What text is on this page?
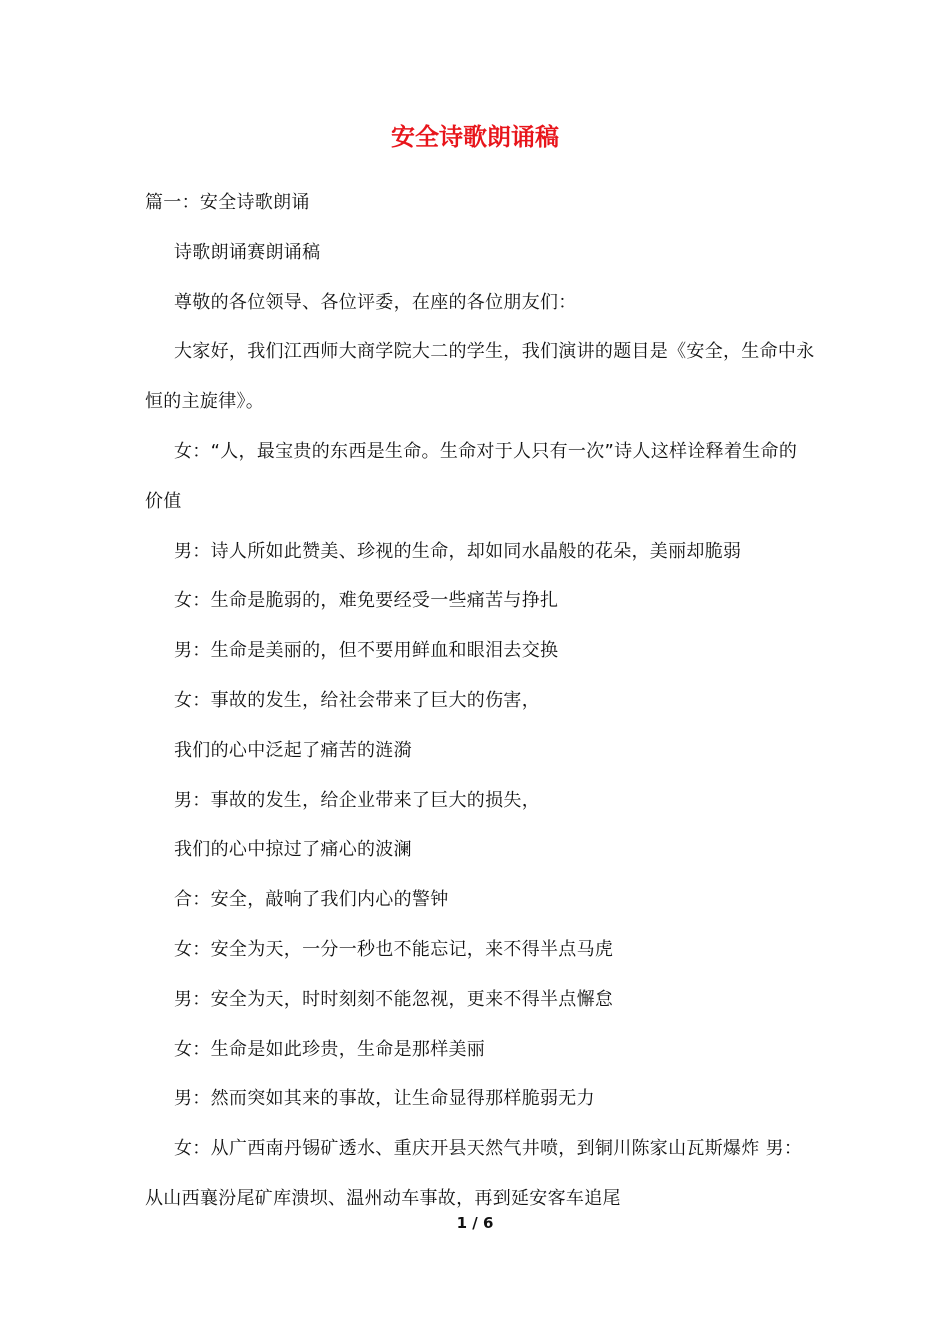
安全诗歌朗诵稿

篇一：安全诗歌朗诵

诗歌朗诵赛朗诵稿

尊敬的各位领导、各位评委，在座的各位朋友们：

大家好，我们江西师大商学院大二的学生，我们演讲的题目是《安全，生命中永恒的主旋律》。

女：“人，最宝贵的东西是生命。生命对于人只有一次”诗人这样诠释着生命的价值

男：诗人所如此赞美、珍视的生命，却如同水晶般的花朵，美丽却脆弱

女：生命是脆弱的，难免要经受一些痛苦与挣扎

男：生命是美丽的，但不要用鲜血和眼泪去交换

女：事故的发生，给社会带来了巨大的伤害，

我们的心中泛起了痛苦的涟漪

男：事故的发生，给企业带来了巨大的损失，

我们的心中掠过了痛心的波澜

合：安全，敲响了我们内心的警钟

女：安全为天，一分一秒也不能忘记，来不得半点马虎

男：安全为天，时时刻刻不能忽视，更来不得半点懈怠

女：生命是如此珍贵，生命是那样美丽

男：然而突如其来的事故，让生命显得那样脆弱无力

女：从广西南丹锡矿透水、重庆开县天然气井喷，到铜川陈家山瓦斯爆炸 男：从山西襄汾尾矿库溃坝、温州动车事故，再到延安客车追尾

1 / 6
